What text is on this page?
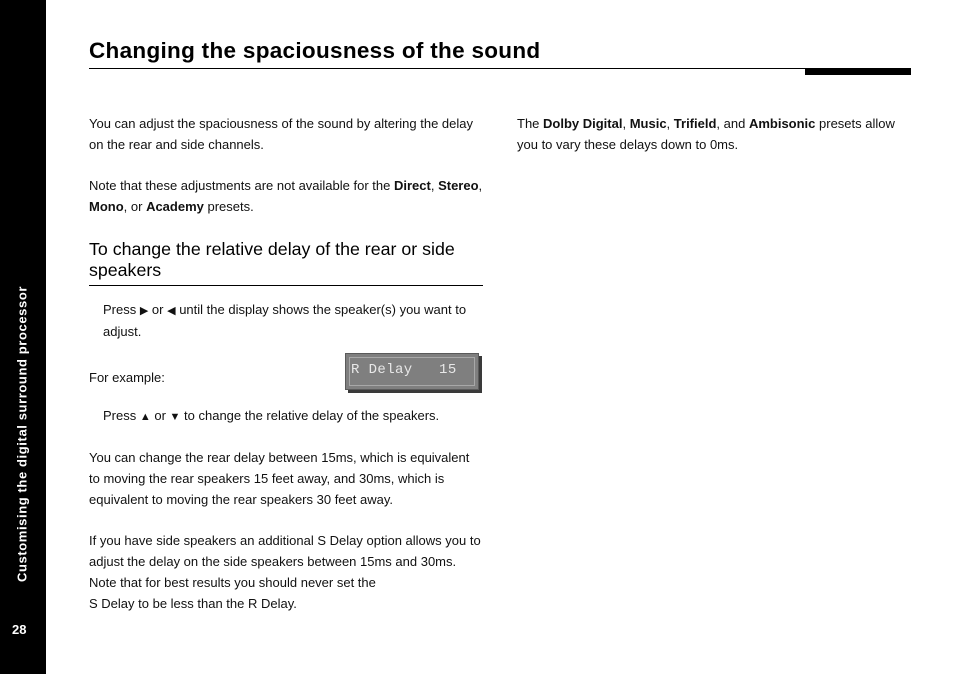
Customising the digital surround processor
28
Changing the spaciousness of the sound

You can adjust the spaciousness of the sound by altering the delay on the rear and side channels.

Note that these adjustments are not available for the Direct, Stereo, Mono, or Academy presets.

To change the relative delay of the rear or side speakers

Press ▶ or ◀ until the display shows the speaker(s) you want to adjust.

For example:	R Delay   15

Press ▲ or ▼ to change the relative delay of the speakers.

You can change the rear delay between 15ms, which is equivalent to moving the rear speakers 15 feet away, and 30ms, which is equivalent to moving the rear speakers 30 feet away.

If you have side speakers an additional S Delay option allows you to adjust the delay on the side speakers between 15ms and 30ms. Note that for best results you should never set the
S Delay to be less than the R Delay.

The Dolby Digital, Music, Trifield, and Ambisonic presets allow you to vary these delays down to 0ms.
